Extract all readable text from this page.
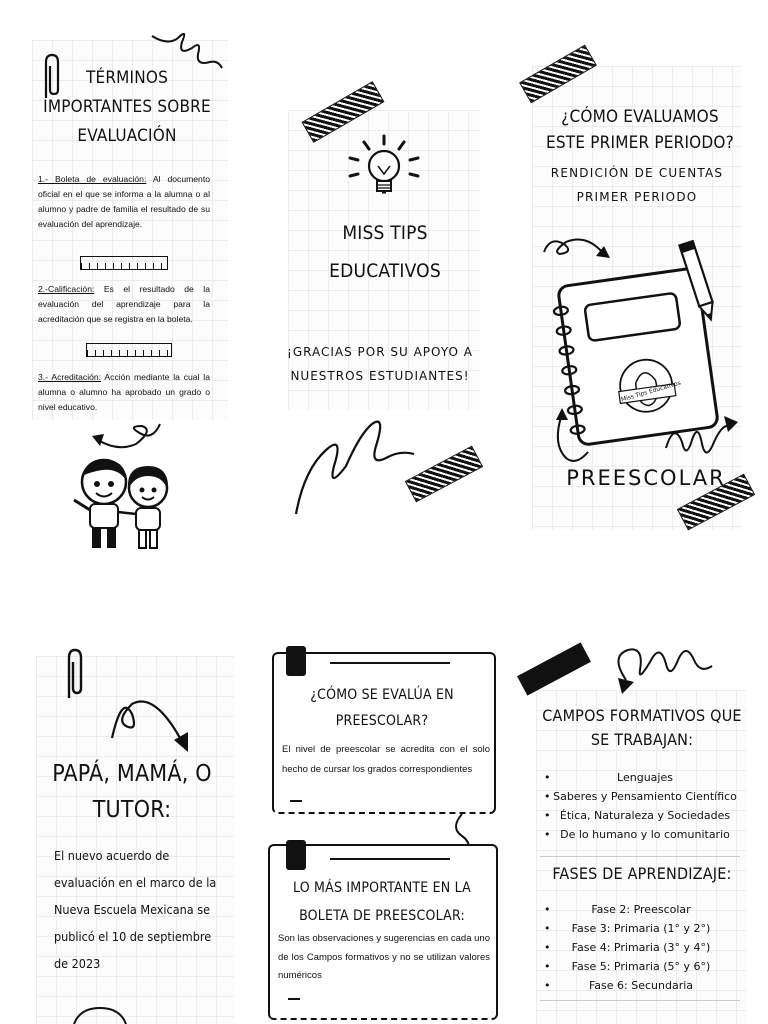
TÉRMINOS IMPORTANTES SOBRE EVALUACIÓN
1.- Boleta de evaluación: Al documento oficial en el que se informa a la alumna o al alumno y padre de familia el resultado de su evaluación del aprendizaje.
2.-Calificación: Es el resultado de la evaluación del aprendizaje para la acreditación que se registra en la boleta.
3.- Acreditación: Acción mediante la cual la alumna o alumno ha aprobado un grado o nivel educativo.
MISS TIPS
EDUCATIVOS
¡GRACIAS POR SU APOYO A NUESTROS ESTUDIANTES!
¿CÓMO EVALUAMOS ESTE PRIMER PERIODO?
RENDICIÓN DE CUENTAS
PRIMER PERIODO
Miss Tips Educativos
PREESCOLAR
PAPÁ, MAMÁ, O TUTOR:
El nuevo acuerdo de evaluación en el marco de la Nueva Escuela Mexicana se publicó el 10 de septiembre de 2023
¿CÓMO SE EVALÚA EN PREESCOLAR?
El nivel de preescolar se acredita con el solo hecho de cursar los grados correspondientes
LO MÁS IMPORTANTE EN LA BOLETA DE PREESCOLAR:
Son las observaciones y sugerencias en cada uno de los Campos formativos y no se utilizan valores numéricos
CAMPOS FORMATIVOS QUE SE TRABAJAN:
• Lenguajes
• Saberes y Pensamiento Científico
• Ética, Naturaleza y Sociedades
• De lo humano y lo comunitario
FASES DE APRENDIZAJE:
• Fase 2: Preescolar
• Fase 3: Primaria (1° y 2°)
• Fase 4: Primaria (3° y 4°)
• Fase 5: Primaria (5° y 6°)
• Fase 6: Secundaria
